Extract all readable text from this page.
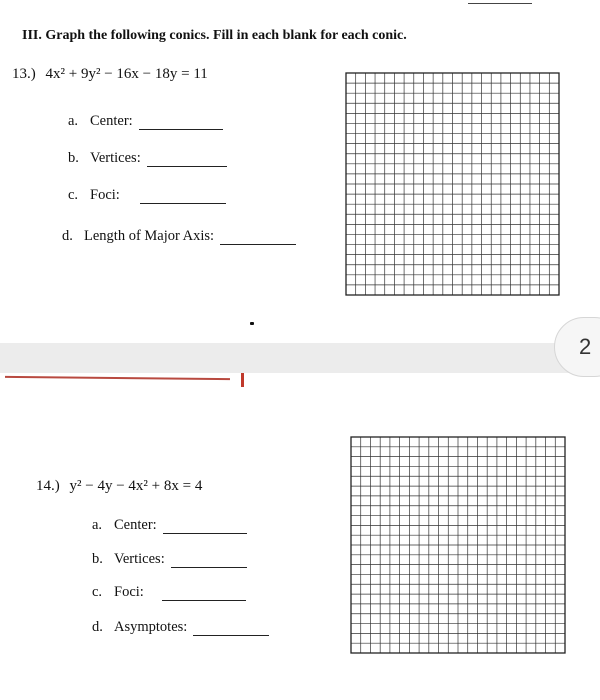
III. Graph the following conics. Fill in each blank for each conic.
13.) 4x² + 9y² − 16x − 18y = 11
a. Center:
b. Vertices:
c. Foci:
d. Length of Major Axis:
2
14.) y² − 4y − 4x² + 8x = 4
a. Center:
b. Vertices:
c. Foci:
d. Asymptotes:
